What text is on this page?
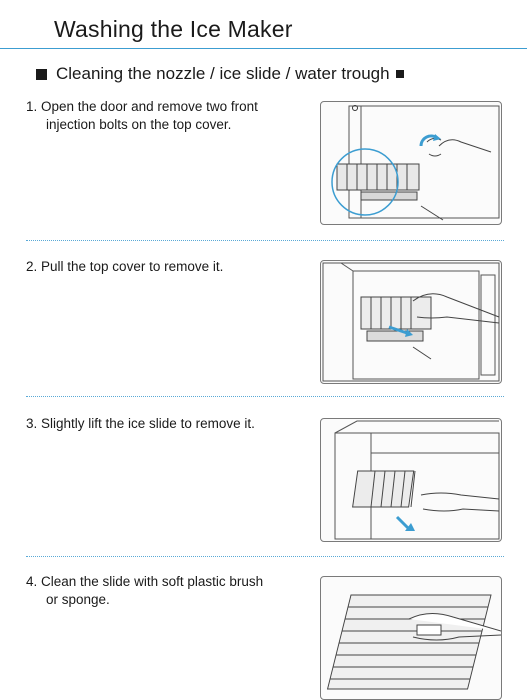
Washing the Ice Maker
Cleaning the nozzle / ice slide / water trough
1. Open the door and remove two front
injection bolts on the top cover.
2. Pull the top cover to remove it.
3. Slightly lift the ice slide to remove it.
4. Clean the slide with soft plastic brush
or sponge.
